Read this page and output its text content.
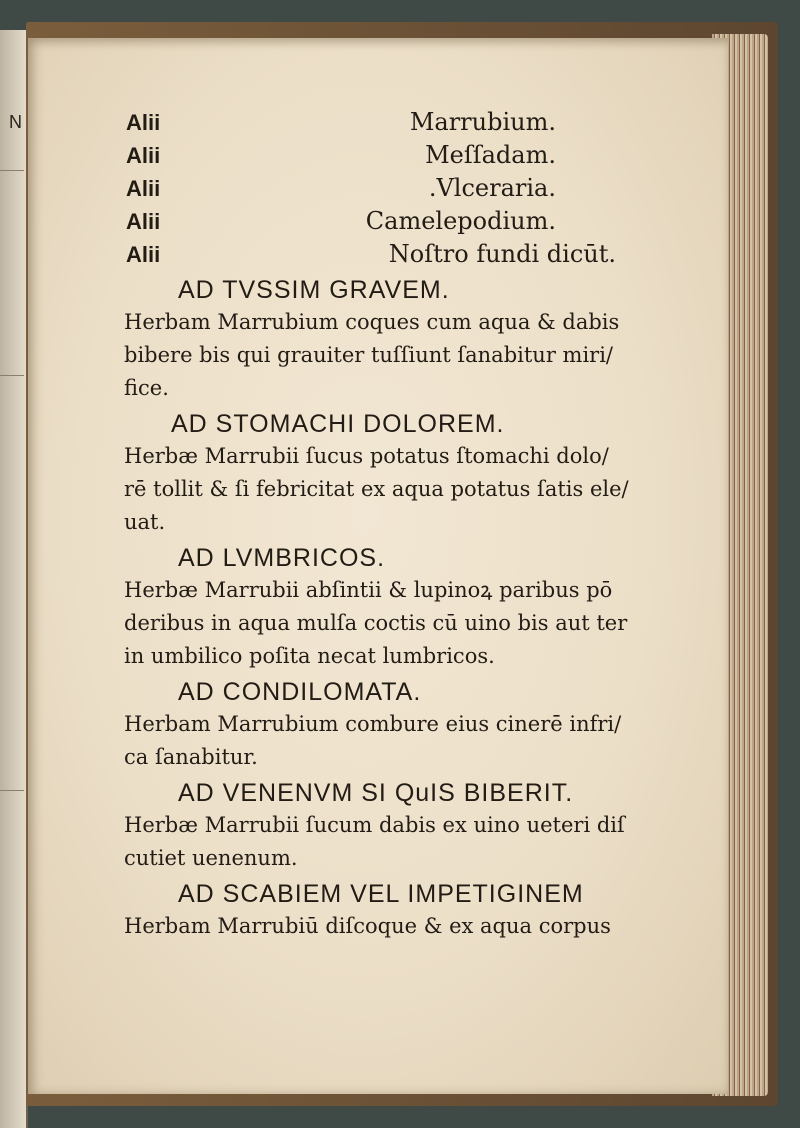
N	Alii	Marrubium.
Alii	Meſſadam.
Alii	.Vlceraria.
Alii	Camelepodium.
Alii	Noſtro fundi dicūt.
AD TVSSIM GRAVEM.
Herbam Marrubium coques cum aqua & dabis
bibere bis qui grauiter tuſſiunt ſanabitur miri/
fice.
AD STOMACHI DOLOREM.
Herbæ Marrubii ſucus potatus ſtomachi dolo/
rē tollit & ſi febricitat ex aqua potatus ſatis ele/
uat.
AD LVMBRICOS.
Herbæ Marrubii abſintii & lupinoꝝ paribus pō
deribus in aqua mulſa coctis cū uino bis aut ter
in umbilico poſita necat lumbricos.
AD CONDILOMATA.
Herbam Marrubium combure eius cinerē infri/
ca ſanabitur.
AD VENENVM SI QuIS BIBERIT.
Herbæ Marrubii ſucum dabis ex uino ueteri diſ
cutiet uenenum.
AD SCABIEM VEL IMPETIGINEM
Herbam Marrubiū diſcoque & ex aqua corpus
